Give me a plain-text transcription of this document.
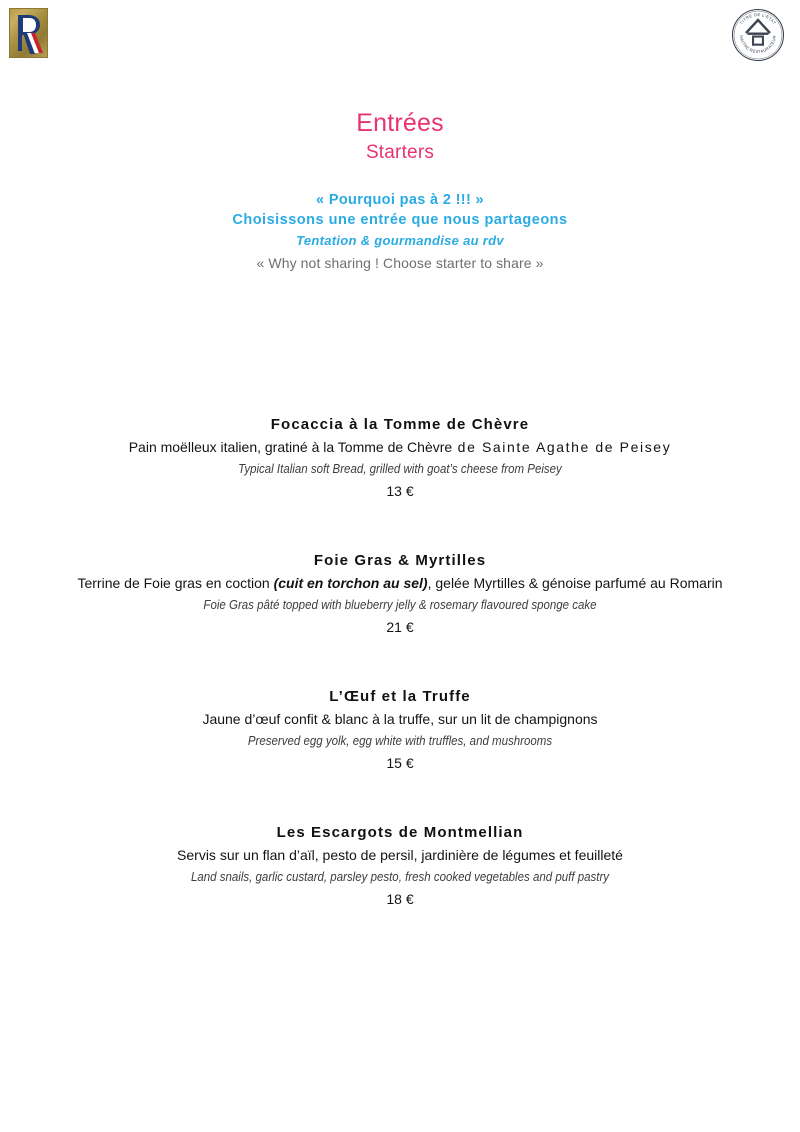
TITRE DE L'ETAT
MAITRE RESTAURATEUR
Entrées
Starters
« Pourquoi pas à 2 !!! »
Choisissons une entrée que nous partageons
Tentation & gourmandise au rdv
« Why not sharing ! Choose starter to share »
Focaccia à la Tomme de Chèvre
Pain moëlleux italien, gratiné à la Tomme de Chèvre de Sainte Agathe de Peisey
Typical Italian soft Bread, grilled with goat’s cheese from Peisey
13 €
Foie Gras & Myrtilles
Terrine de Foie gras en coction (cuit en torchon au sel), gelée Myrtilles & génoise parfumé au Romarin
Foie Gras pâté topped with blueberry jelly & rosemary flavoured sponge cake
21 €
L’Œuf et la Truffe
Jaune d’œuf confit & blanc à la truffe, sur un lit de champignons
Preserved egg yolk, egg white with truffles, and mushrooms
15 €
Les Escargots de Montmellian
Servis sur un flan d’aïl, pesto de persil, jardinière de légumes et feuilleté
Land snails, garlic custard, parsley pesto, fresh cooked vegetables and puff pastry
18 €
